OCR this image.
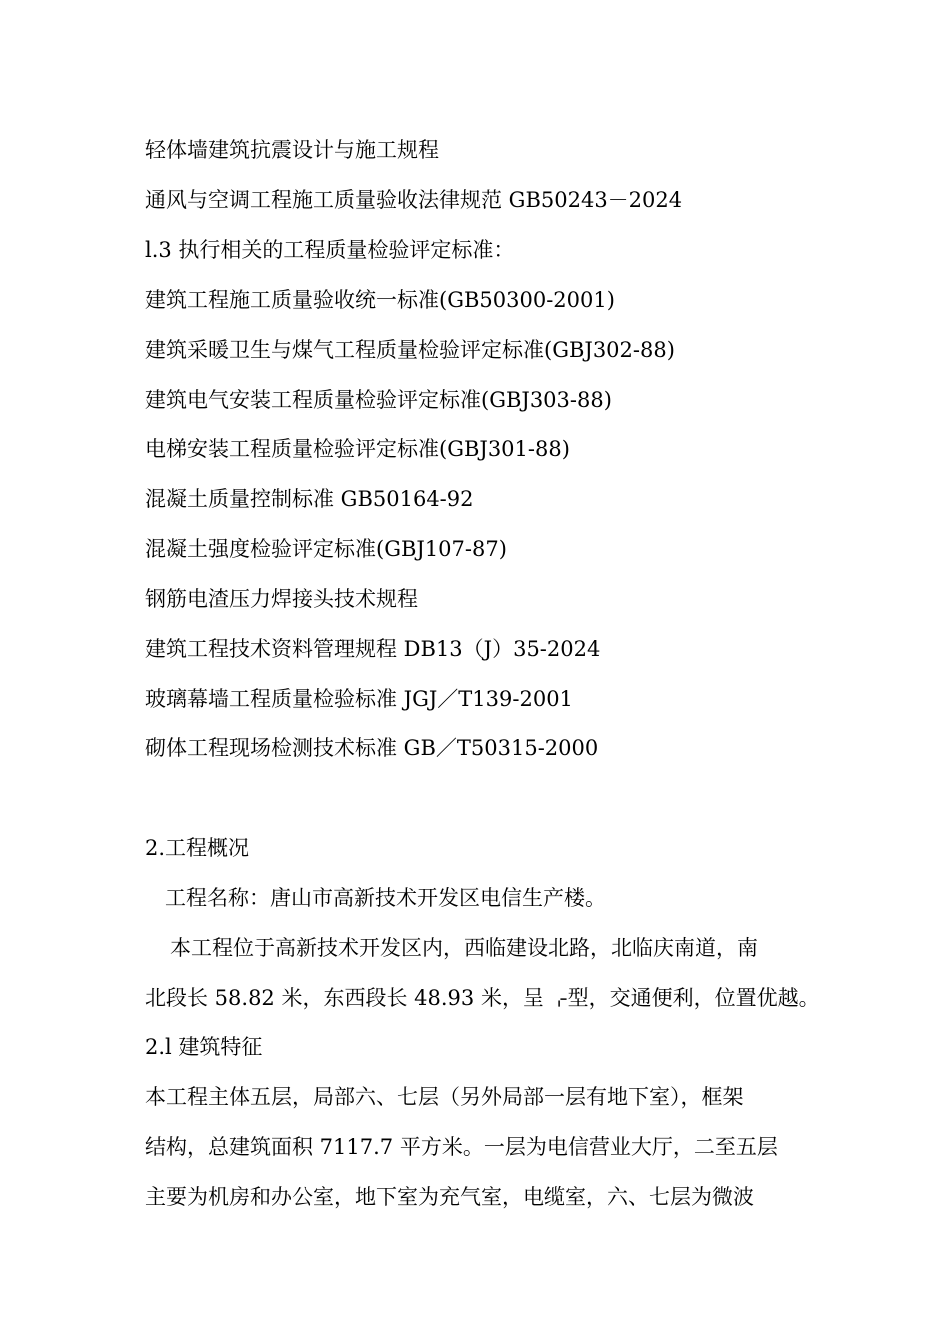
轻体墙建筑抗震设计与施工规程
通风与空调工程施工质量验收法律规范 GB50243－2024
l.3 执行相关的工程质量检验评定标准：
建筑工程施工质量验收统一标准(GB50300-2001)
建筑采暖卫生与煤气工程质量检验评定标准(GBJ302-88)
建筑电气安装工程质量检验评定标准(GBJ303-88)
电梯安装工程质量检验评定标准(GBJ301-88)
混凝土质量控制标准 GB50164-92
混凝土强度检验评定标准(GBJ107-87)
钢筋电渣压力焊接头技术规程
建筑工程技术资料管理规程 DB13（J）35-2024
玻璃幕墙工程质量检验标准 JGJ／T139-2001
砌体工程现场检测技术标准 GB／T50315-2000
2.工程概况
工程名称：唐山市高新技术开发区电信生产楼。
本工程位于高新技术开发区内，西临建设北路，北临庆南道，南
北段长 58.82 米，东西段长 48.93 米，呈 ⌌型，交通便利，位置优越。
2.l 建筑特征
本工程主体五层，局部六、七层（另外局部一层有地下室），框架
结构，总建筑面积 7117.7 平方米。一层为电信营业大厅，二至五层
主要为机房和办公室，地下室为充气室，电缆室，六、七层为微波
